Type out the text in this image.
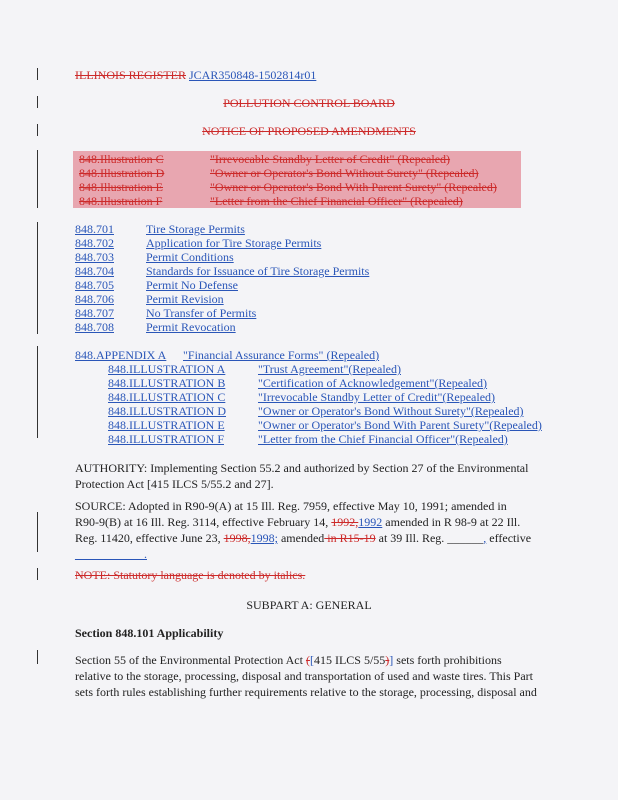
ILLINOIS REGISTER JCAR350848-1502814r01
POLLUTION CONTROL BOARD
NOTICE OF PROPOSED AMENDMENTS
848.Illustration C	"Irrevocable Standby Letter of Credit" (Repealed)
848.Illustration D	"Owner or Operator's Bond Without Surety" (Repealed)
848.Illustration E	"Owner or Operator's Bond With Parent Surety" (Repealed)
848.Illustration F	"Letter from the Chief Financial Officer" (Repealed)
848.701	Tire Storage Permits
848.702	Application for Tire Storage Permits
848.703	Permit Conditions
848.704	Standards for Issuance of Tire Storage Permits
848.705	Permit No Defense
848.706	Permit Revision
848.707	No Transfer of Permits
848.708	Permit Revocation
848.APPENDIX A "Financial Assurance Forms" (Repealed)
848.ILLUSTRATION A	"Trust Agreement"(Repealed)
848.ILLUSTRATION B	"Certification of Acknowledgement"(Repealed)
848.ILLUSTRATION C	"Irrevocable Standby Letter of Credit"(Repealed)
848.ILLUSTRATION D	"Owner or Operator's Bond Without Surety"(Repealed)
848.ILLUSTRATION E	"Owner or Operator's Bond With Parent Surety"(Repealed)
848.ILLUSTRATION F	"Letter from the Chief Financial Officer"(Repealed)
AUTHORITY: Implementing Section 55.2 and authorized by Section 27 of the Environmental
Protection Act [415 ILCS 5/55.2 and 27].
SOURCE: Adopted in R90-9(A) at 15 Ill. Reg. 7959, effective May 10, 1991; amended in
R90-9(B) at 16 Ill. Reg. 3114, effective February 14, 1992,1992 amended in R 98-9 at 22 Ill.
Reg. 11420, effective June 23, 1998,1998; amended in R15-19 at 39 Ill. Reg. ______, effective
________ ___.
NOTE: Statutory language is denoted by italics.
SUBPART A: GENERAL
Section 848.101 Applicability
Section 55 of the Environmental Protection Act ([415 ILCS 5/55)] sets forth prohibitions
relative to the storage, processing, disposal and transportation of used and waste tires. This Part
sets forth rules establishing further requirements relative to the storage, processing, disposal and
